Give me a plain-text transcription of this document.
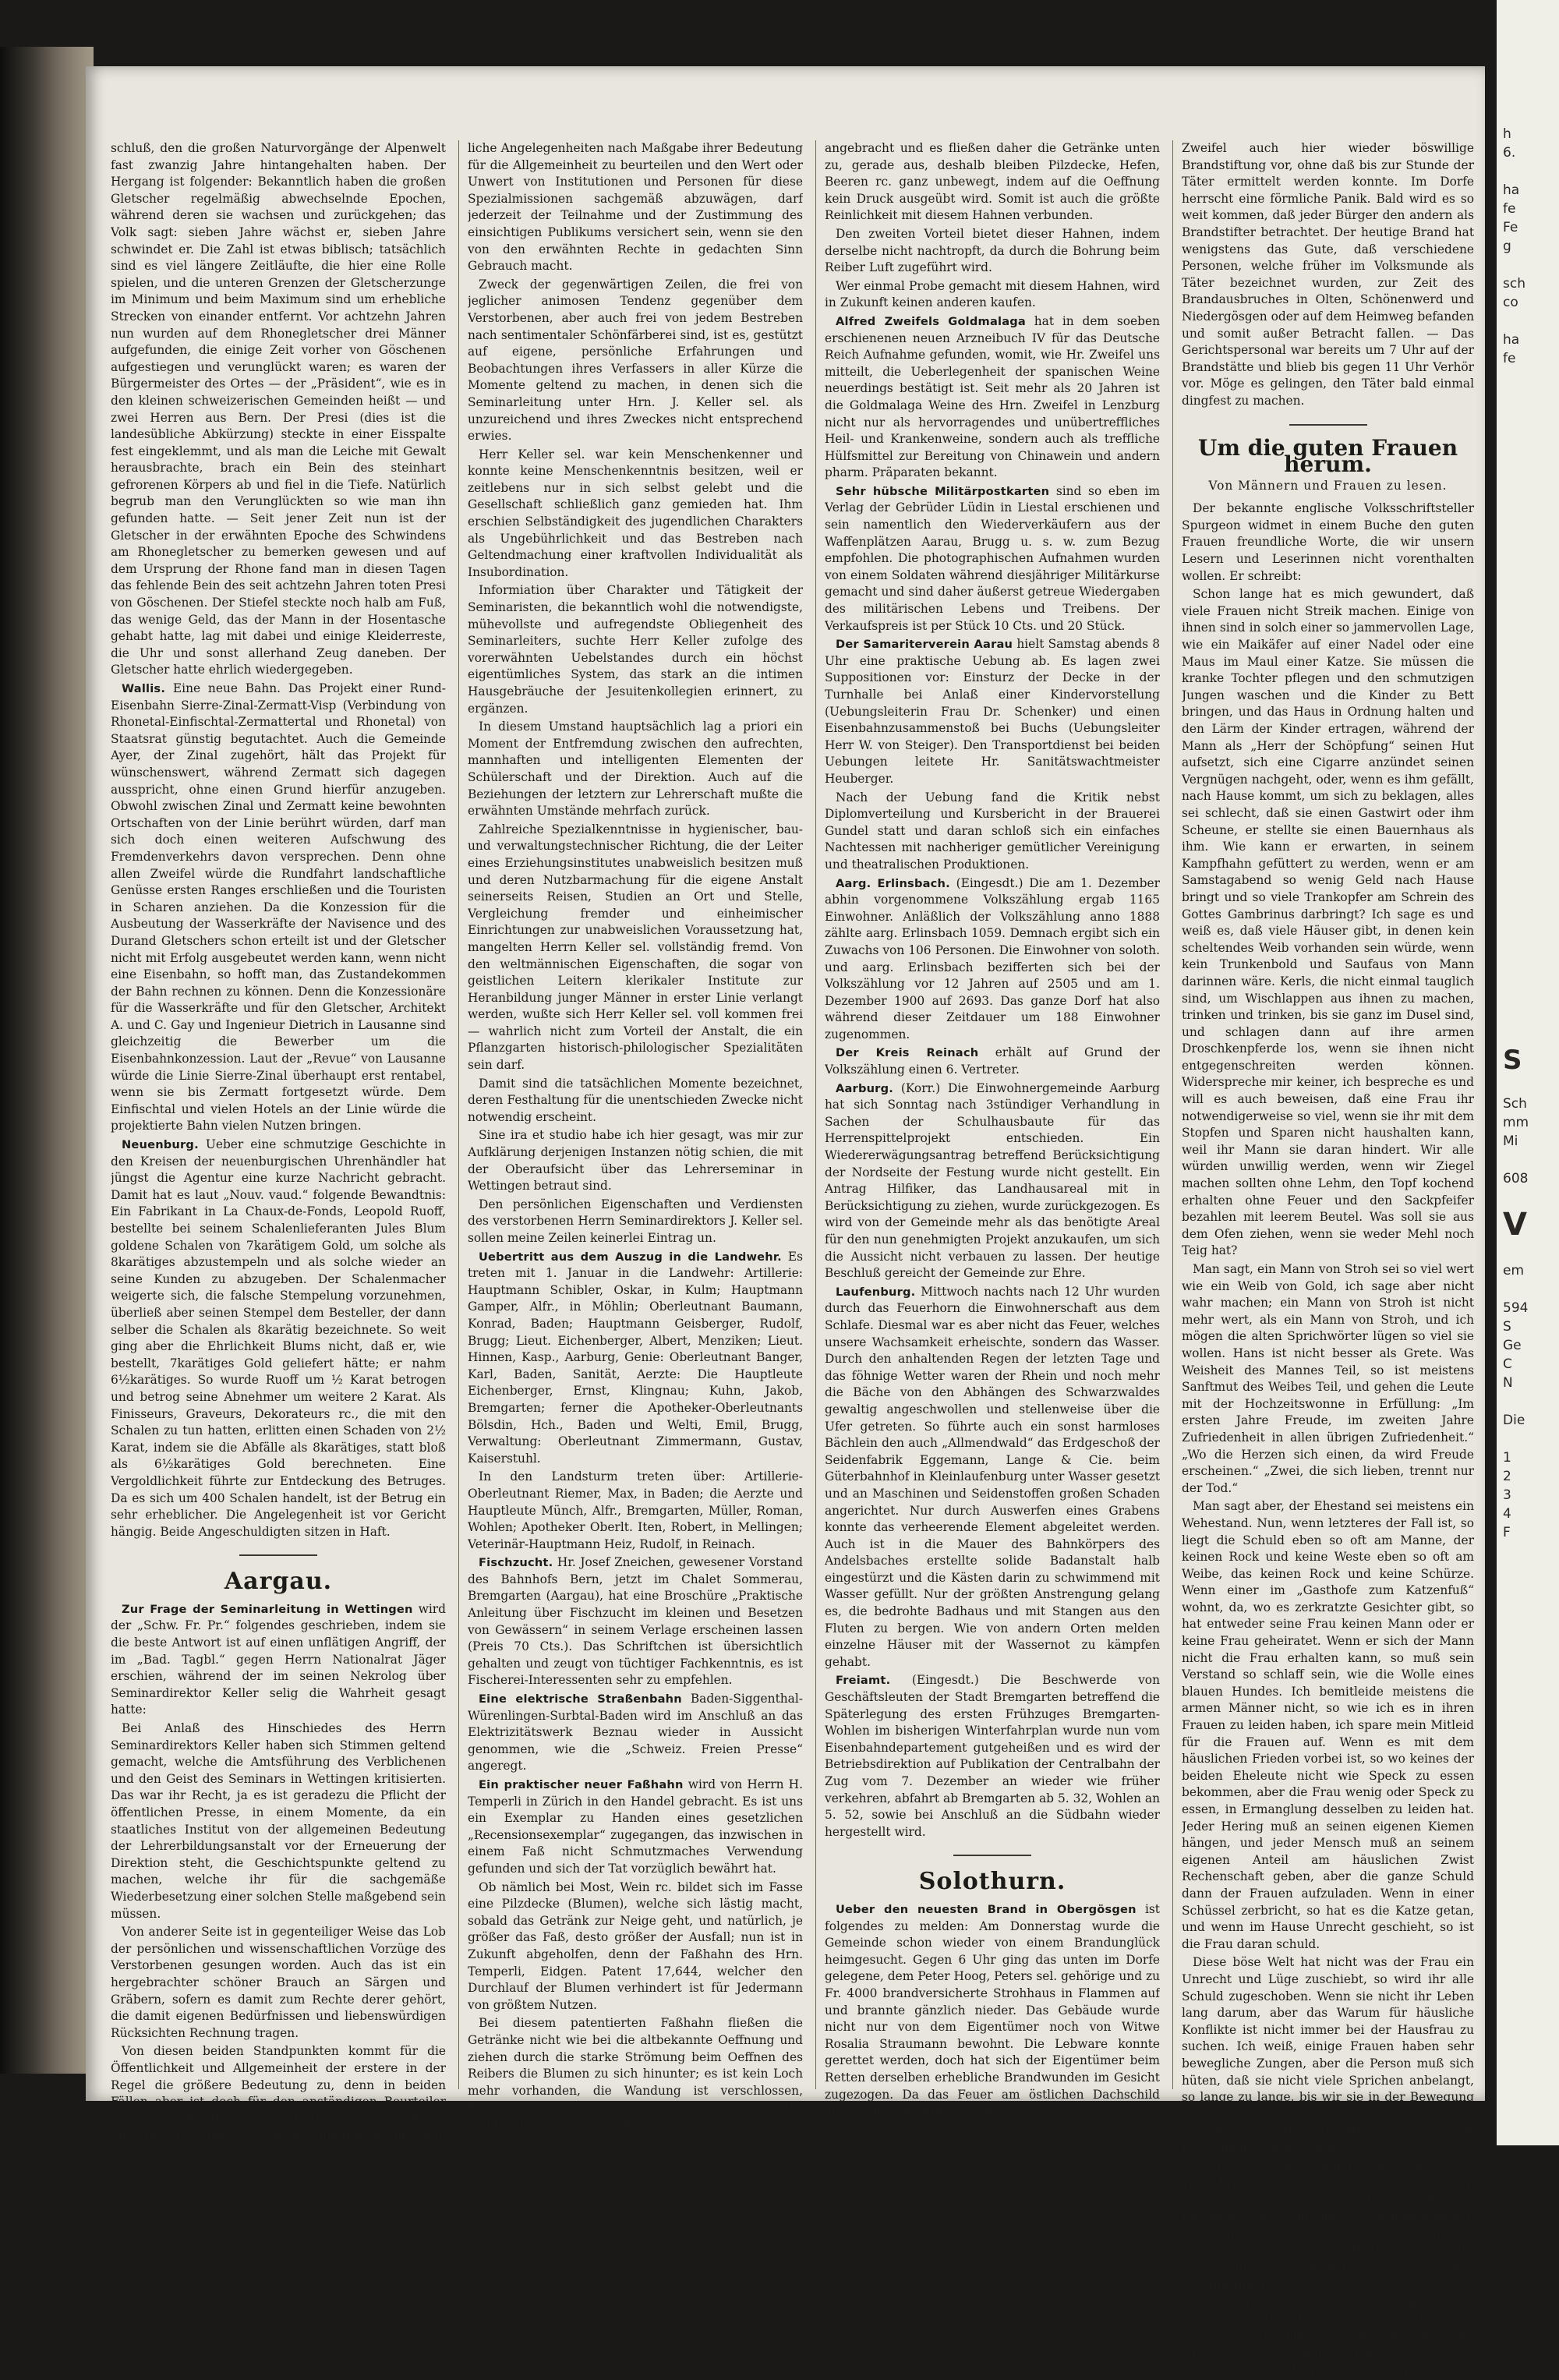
schluß, den die großen Naturvorgänge der Alpenwelt fast zwanzig Jahre hintangehalten haben. Der Hergang ist folgender: Bekanntlich haben die großen Gletscher regelmäßig abwechselnde Epochen, während deren sie wachsen und zurückgehen; das Volk sagt: sieben Jahre wächst er, sieben Jahre schwindet er. Die Zahl ist etwas biblisch; tatsächlich sind es viel längere Zeitläufte, die hier eine Rolle spielen, und die unteren Grenzen der Gletscherzunge im Minimum und beim Maximum sind um erhebliche Strecken von einander entfernt. Vor achtzehn Jahren nun wurden auf dem Rhonegletscher drei Männer aufgefunden, die einige Zeit vorher von Göschenen aufgestiegen und verunglückt waren; es waren der Bürgermeister des Ortes — der „Präsident“, wie es in den kleinen schweizerischen Gemeinden heißt — und zwei Herren aus Bern. Der Presi (dies ist die landesübliche Abkürzung) steckte in einer Eisspalte fest eingeklemmt, und als man die Leiche mit Gewalt herausbrachte, brach ein Bein des steinhart gefrorenen Körpers ab und fiel in die Tiefe. Natürlich begrub man den Verunglückten so wie man ihn gefunden hatte. — Seit jener Zeit nun ist der Gletscher in der erwähnten Epoche des Schwindens am Rhonegletscher zu bemerken gewesen und auf dem Ursprung der Rhone fand man in diesen Tagen das fehlende Bein des seit achtzehn Jahren toten Presi von Göschenen. Der Stiefel steckte noch halb am Fuß, das wenige Geld, das der Mann in der Hosentasche gehabt hatte, lag mit dabei und einige Kleiderreste, die Uhr und sonst allerhand Zeug daneben. Der Gletscher hatte ehrlich wiedergegeben.

Wallis. Eine neue Bahn. Das Projekt einer Rund-Eisenbahn Sierre-Zinal-Zermatt-Visp (Verbindung von Rhonetal-Einfischtal-Zermattertal und Rhonetal) von Staatsrat günstig begutachtet. Auch die Gemeinde Ayer, der Zinal zugehört, hält das Projekt für wünschenswert, während Zermatt sich dagegen ausspricht, ohne einen Grund hierfür anzugeben. Obwohl zwischen Zinal und Zermatt keine bewohnten Ortschaften von der Linie berührt würden, darf man sich doch einen weiteren Aufschwung des Fremdenverkehrs davon versprechen. Denn ohne allen Zweifel würde die Rundfahrt landschaftliche Genüsse ersten Ranges erschließen und die Touristen in Scharen anziehen. Da die Konzession für die Ausbeutung der Wasserkräfte der Navisence und des Durand Gletschers schon erteilt ist und der Gletscher nicht mit Erfolg ausgebeutet werden kann, wenn nicht eine Eisenbahn, so hofft man, das Zustandekommen der Bahn rechnen zu können. Denn die Konzessionäre für die Wasserkräfte und für den Gletscher, Architekt A. und C. Gay und Ingenieur Dietrich in Lausanne sind gleichzeitig die Bewerber um die Eisenbahnkonzession. Laut der „Revue“ von Lausanne würde die Linie Sierre-Zinal überhaupt erst rentabel, wenn sie bis Zermatt fortgesetzt würde. Dem Einfischtal und vielen Hotels an der Linie würde die projektierte Bahn vielen Nutzen bringen.

Neuenburg. Ueber eine schmutzige Geschichte in den Kreisen der neuenburgischen Uhrenhändler hat jüngst die Agentur eine kurze Nachricht gebracht. Damit hat es laut „Nouv. vaud.“ folgende Bewandtnis: Ein Fabrikant in La Chaux-de-Fonds, Leopold Ruoff, bestellte bei seinem Schalenlieferanten Jules Blum goldene Schalen von 7karätigem Gold, um solche als 8karätiges abzustempeln und als solche wieder an seine Kunden zu abzugeben. Der Schalenmacher weigerte sich, die falsche Stempelung vorzunehmen, überließ aber seinen Stempel dem Besteller, der dann selber die Schalen als 8karätig bezeichnete. So weit ging aber die Ehrlichkeit Blums nicht, daß er, wie bestellt, 7karätiges Gold geliefert hätte; er nahm 6½karätiges. So wurde Ruoff um ½ Karat betrogen und betrog seine Abnehmer um weitere 2 Karat. Als Finisseurs, Graveurs, Dekorateurs rc., die mit den Schalen zu tun hatten, erlitten einen Schaden von 2½ Karat, indem sie die Abfälle als 8karätiges, statt bloß als 6½karätiges Gold berechneten. Eine Vergoldlichkeit führte zur Entdeckung des Betruges. Da es sich um 400 Schalen handelt, ist der Betrug ein sehr erheblicher. Die Angelegenheit ist vor Gericht hängig. Beide Angeschuldigten sitzen in Haft.

Aargau.

Zur Frage der Seminarleitung in Wettingen wird der „Schw. Fr. Pr.“ folgendes geschrieben, indem sie die beste Antwort ist auf einen unflätigen Angriff, der im „Bad. Tagbl.“ gegen Herrn Nationalrat Jäger erschien, während der im seinen Nekrolog über Seminardirektor Keller selig die Wahrheit gesagt hatte:

Bei Anlaß des Hinschiedes des Herrn Seminardirektors Keller haben sich Stimmen geltend gemacht, welche die Amtsführung des Verblichenen und den Geist des Seminars in Wettingen kritisierten. Das war ihr Recht, ja es ist geradezu die Pflicht der öffentlichen Presse, in einem Momente, da ein staatliches Institut von der allgemeinen Bedeutung der Lehrerbildungsanstalt vor der Erneuerung der Direktion steht, die Geschichtspunkte geltend zu machen, welche ihr für die sachgemäße Wiederbesetzung einer solchen Stelle maßgebend sein müssen.

Von anderer Seite ist in gegenteiliger Weise das Lob der persönlichen und wissenschaftlichen Vorzüge des Verstorbenen gesungen worden. Auch das ist ein hergebrachter schöner Brauch an Särgen und Gräbern, sofern es damit zum Rechte derer gehört, die damit eigenen Bedürfnissen und liebenswürdigen Rücksichten Rechnung tragen.

Von diesen beiden Standpunkten kommt für die Öffentlichkeit und Allgemeinheit der erstere in der Regel die größere Bedeutung zu, denn in beiden Fällen aber ist doch für den anständigen Beurteiler vor allem die Wahrheit und die Gerechtigkeit als Maßstab. Diejenige Presse, die überhaupt imstande ist, öffent-

liche Angelegenheiten nach Maßgabe ihrer Bedeutung für die Allgemeinheit zu beurteilen und den Wert oder Unwert von Institutionen und Personen für diese Spezialmissionen sachgemäß abzuwägen, darf jederzeit der Teilnahme und der Zustimmung des einsichtigen Publikums versichert sein, wenn sie den von den erwähnten Rechte in gedachten Sinn Gebrauch macht.

Zweck der gegenwärtigen Zeilen, die frei von jeglicher animosen Tendenz gegenüber dem Verstorbenen, aber auch frei von jedem Bestreben nach sentimentaler Schönfärberei sind, ist es, gestützt auf eigene, persönliche Erfahrungen und Beobachtungen ihres Verfassers in aller Kürze die Momente geltend zu machen, in denen sich die Seminarleitung unter Hrn. J. Keller sel. als unzureichend und ihres Zweckes nicht entsprechend erwies.

Herr Keller sel. war kein Menschenkenner und konnte keine Menschenkenntnis besitzen, weil er zeitlebens nur in sich selbst gelebt und die Gesellschaft schließlich ganz gemieden hat. Ihm erschien Selbständigkeit des jugendlichen Charakters als Ungebührlichkeit und das Bestreben nach Geltendmachung einer kraftvollen Individualität als Insubordination.

Informiation über Charakter und Tätigkeit der Seminaristen, die bekanntlich wohl die notwendigste, mühevollste und aufregendste Obliegenheit des Seminarleiters, suchte Herr Keller zufolge des vorerwähnten Uebelstandes durch ein höchst eigentümliches System, das stark an die intimen Hausgebräuche der Jesuitenkollegien erinnert, zu ergänzen.

In diesem Umstand hauptsächlich lag a priori ein Moment der Entfremdung zwischen den aufrechten, mannhaften und intelligenten Elementen der Schülerschaft und der Direktion. Auch auf die Beziehungen der letztern zur Lehrerschaft mußte die erwähnten Umstände mehrfach zurück.

Zahlreiche Spezialkenntnisse in hygienischer, bau- und verwaltungstechnischer Richtung, die der Leiter eines Erziehungsinstitutes unabweislich besitzen muß und deren Nutzbarmachung für die eigene Anstalt seinerseits Reisen, Studien an Ort und Stelle, Vergleichung fremder und einheimischer Einrichtungen zur unabweislichen Voraussetzung hat, mangelten Herrn Keller sel. vollständig fremd. Von den weltmännischen Eigenschaften, die sogar von geistlichen Leitern klerikaler Institute zur Heranbildung junger Männer in erster Linie verlangt werden, wußte sich Herr Keller sel. voll kommen frei — wahrlich nicht zum Vorteil der Anstalt, die ein Pflanzgarten historisch-philologischer Spezialitäten sein darf.

Damit sind die tatsächlichen Momente bezeichnet, deren Festhaltung für die unentschieden Zwecke nicht notwendig erscheint.

Sine ira et studio habe ich hier gesagt, was mir zur Aufklärung derjenigen Instanzen nötig schien, die mit der Oberaufsicht über das Lehrerseminar in Wettingen betraut sind.

Den persönlichen Eigenschaften und Verdiensten des verstorbenen Herrn Seminardirektors J. Keller sel. sollen meine Zeilen keinerlei Eintrag un.

Uebertritt aus dem Auszug in die Landwehr. Es treten mit 1. Januar in die Landwehr: Artillerie: Hauptmann Schibler, Oskar, in Kulm; Hauptmann Gamper, Alfr., in Möhlin; Oberleutnant Baumann, Konrad, Baden; Hauptmann Geisberger, Rudolf, Brugg; Lieut. Eichenberger, Albert, Menziken; Lieut. Hinnen, Kasp., Aarburg, Genie: Oberleutnant Banger, Karl, Baden, Sanität, Aerzte: Die Hauptleute Eichenberger, Ernst, Klingnau; Kuhn, Jakob, Bremgarten; ferner die Apotheker-Oberleutnants Bölsdin, Hch., Baden und Welti, Emil, Brugg, Verwaltung: Oberleutnant Zimmermann, Gustav, Kaiserstuhl.

In den Landsturm treten über: Artillerie-Oberleutnant Riemer, Max, in Baden; die Aerzte und Hauptleute Münch, Alfr., Bremgarten, Müller, Roman, Wohlen; Apotheker Oberlt. Iten, Robert, in Mellingen; Veterinär-Hauptmann Heiz, Rudolf, in Reinach.

Fischzucht. Hr. Josef Zneichen, gewesener Vorstand des Bahnhofs Bern, jetzt im Chalet Sommerau, Bremgarten (Aargau), hat eine Broschüre „Praktische Anleitung über Fischzucht im kleinen und Besetzen von Gewässern“ in seinem Verlage erscheinen lassen (Preis 70 Cts.). Das Schriftchen ist übersichtlich gehalten und zeugt von tüchtiger Fachkenntnis, es ist Fischerei-Interessenten sehr zu empfehlen.

Eine elektrische Straßenbahn Baden-Siggenthal-Würenlingen-Surbtal-Baden wird im Anschluß an das Elektrizitätswerk Beznau wieder in Aussicht genommen, wie die „Schweiz. Freien Presse“ angeregt.

Ein praktischer neuer Faßhahn wird von Herrn H. Temperli in Zürich in den Handel gebracht. Es ist uns ein Exemplar zu Handen eines gesetzlichen „Recensionsexemplar“ zugegangen, das inzwischen in einem Faß nicht Schmutzmaches Verwendung gefunden und sich der Tat vorzüglich bewährt hat.

Ob nämlich bei Most, Wein rc. bildet sich im Fasse eine Pilzdecke (Blumen), welche sich lästig macht, sobald das Getränk zur Neige geht, und natürlich, je größer das Faß, desto größer der Ausfall; nun ist in Zukunft abgeholfen, denn der Faßhahn des Hrn. Temperli, Eidgen. Patent 17,644, welcher den Durchlauf der Blumen verhindert ist für Jedermann von größtem Nutzen.

Bei diesem patentierten Faßhahn fließen die Getränke nicht wie bei die altbekannte Oeffnung und ziehen durch die starke Strömung beim Oeffnen des Reibers die Blumen zu sich hinunter; es ist kein Loch mehr vorhanden, die Wandung ist verschlossen, dagegen ein 18 mm langes und 5 mm breites Schlitzchen ist in der Wölbung

angebracht und es fließen daher die Getränke unten zu, gerade aus, deshalb bleiben Pilzdecke, Hefen, Beeren rc. ganz unbewegt, indem auf die Oeffnung kein Druck ausgeübt wird. Somit ist auch die größte Reinlichkeit mit diesem Hahnen verbunden.

Den zweiten Vorteil bietet dieser Hahnen, indem derselbe nicht nachtropft, da durch die Bohrung beim Reiber Luft zugeführt wird.

Wer einmal Probe gemacht mit diesem Hahnen, wird in Zukunft keinen anderen kaufen.

Alfred Zweifels Goldmalaga hat in dem soeben erschienenen neuen Arzneibuch IV für das Deutsche Reich Aufnahme gefunden, womit, wie Hr. Zweifel uns mitteilt, die Ueberlegenheit der spanischen Weine neuerdings bestätigt ist. Seit mehr als 20 Jahren ist die Goldmalaga Weine des Hrn. Zweifel in Lenzburg nicht nur als hervorragendes und unübertreffliches Heil- und Krankenweine, sondern auch als treffliche Hülfsmittel zur Bereitung von Chinawein und andern pharm. Präparaten bekannt.

Sehr hübsche Militärpostkarten sind so eben im Verlag der Gebrüder Lüdin in Liestal erschienen und sein namentlich den Wiederverkäufern aus der Waffenplätzen Aarau, Brugg u. s. w. zum Bezug empfohlen. Die photographischen Aufnahmen wurden von einem Soldaten während diesjähriger Militärkurse gemacht und sind daher äußerst getreue Wiedergaben des militärischen Lebens und Treibens. Der Verkaufspreis ist per Stück 10 Cts. und 20 Stück.

Der Samariterverein Aarau hielt Samstag abends 8 Uhr eine praktische Uebung ab. Es lagen zwei Suppositionen vor: Einsturz der Decke in der Turnhalle bei Anlaß einer Kindervorstellung (Uebungsleiterin Frau Dr. Schenker) und einen Eisenbahnzusammenstoß bei Buchs (Uebungsleiter Herr W. von Steiger). Den Transportdienst bei beiden Uebungen leitete Hr. Sanitätswachtmeister Heuberger.

Nach der Uebung fand die Kritik nebst Diplomverteilung und Kursbericht in der Brauerei Gundel statt und daran schloß sich ein einfaches Nachtessen mit nachheriger gemütlicher Vereinigung und theatralischen Produktionen.

Aarg. Erlinsbach. (Eingesdt.) Die am 1. Dezember abhin vorgenommene Volkszählung ergab 1165 Einwohner. Anläßlich der Volkszählung anno 1888 zählte aarg. Erlinsbach 1059. Demnach ergibt sich ein Zuwachs von 106 Personen. Die Einwohner von soloth. und aarg. Erlinsbach bezifferten sich bei der Volkszählung vor 12 Jahren auf 2505 und am 1. Dezember 1900 auf 2693. Das ganze Dorf hat also während dieser Zeitdauer um 188 Einwohner zugenommen.

Der Kreis Reinach erhält auf Grund der Volkszählung einen 6. Vertreter.

Aarburg. (Korr.) Die Einwohnergemeinde Aarburg hat sich Sonntag nach 3stündiger Verhandlung in Sachen der Schulhausbaute für das Herrenspittelprojekt entschieden. Ein Wiedererwägungsantrag betreffend Berücksichtigung der Nordseite der Festung wurde nicht gestellt. Ein Antrag Hilfiker, das Landhausareal mit in Berücksichtigung zu ziehen, wurde zurückgezogen. Es wird von der Gemeinde mehr als das benötigte Areal für den nun genehmigten Projekt anzukaufen, um sich die Aussicht nicht verbauen zu lassen. Der heutige Beschluß gereicht der Gemeinde zur Ehre.

Laufenburg. Mittwoch nachts nach 12 Uhr wurden durch das Feuerhorn die Einwohnerschaft aus dem Schlafe. Diesmal war es aber nicht das Feuer, welches unsere Wachsamkeit erheischte, sondern das Wasser. Durch den anhaltenden Regen der letzten Tage und das föhnige Wetter waren der Rhein und noch mehr die Bäche von den Abhängen des Schwarzwaldes gewaltig angeschwollen und stellenweise über die Ufer getreten. So führte auch ein sonst harmloses Bächlein den auch „Allmendwald“ das Erdgeschoß der Seidenfabrik Eggemann, Lange & Cie. beim Güterbahnhof in Kleinlaufenburg unter Wasser gesetzt und an Maschinen und Seidenstoffen großen Schaden angerichtet. Nur durch Auswerfen eines Grabens konnte das verheerende Element abgeleitet werden. Auch ist in die Mauer des Bahnkörpers des Andelsbaches erstellte solide Badanstalt halb eingestürzt und die Kästen darin zu schwimmend mit Wasser gefüllt. Nur der größten Anstrengung gelang es, die bedrohte Badhaus und mit Stangen aus den Fluten zu bergen. Wie von andern Orten melden einzelne Häuser mit der Wassernot zu kämpfen gehabt.

Freiamt. (Eingesdt.) Die Beschwerde von Geschäftsleuten der Stadt Bremgarten betreffend die Späterlegung des ersten Frühzuges Bremgarten-Wohlen im bisherigen Winterfahrplan wurde nun vom Eisenbahndepartement gutgeheißen und es wird der Betriebsdirektion auf Publikation der Centralbahn der Zug vom 7. Dezember an wieder wie früher verkehren, abfahrt ab Bremgarten ab 5. 32, Wohlen an 5. 52, sowie bei Anschluß an die Südbahn wieder hergestellt wird.

Solothurn.

Ueber den neuesten Brand in Obergösgen ist folgendes zu melden: Am Donnerstag wurde die Gemeinde schon wieder von einem Brandunglück heimgesucht. Gegen 6 Uhr ging das unten im Dorfe gelegene, dem Peter Hoog, Peters sel. gehörige und zu Fr. 4000 brandversicherte Strohhaus in Flammen auf und brannte gänzlich nieder. Das Gebäude wurde nicht nur von dem Eigentümer noch von Witwe Rosalia Straumann bewohnt. Die Lebware konnte gerettet werden, doch hat sich der Eigentümer beim Retten derselben erhebliche Brandwunden im Gesicht zugezogen. Da das Feuer am östlichen Dachschild ausbrach, liegt außer allem

Zweifel auch hier wieder böswillige Brandstiftung vor, ohne daß bis zur Stunde der Täter ermittelt werden konnte. Im Dorfe herrscht eine förmliche Panik. Bald wird es so weit kommen, daß jeder Bürger den andern als Brandstifter betrachtet. Der heutige Brand hat wenigstens das Gute, daß verschiedene Personen, welche früher im Volksmunde als Täter bezeichnet wurden, zur Zeit des Brandausbruches in Olten, Schönenwerd und Niedergösgen oder auf dem Heimweg befanden und somit außer Betracht fallen. — Das Gerichtspersonal war bereits um 7 Uhr auf der Brandstätte und blieb bis gegen 11 Uhr Verhör vor. Möge es gelingen, den Täter bald einmal dingfest zu machen.

Um die guten Frauen herum.
Von Männern und Frauen zu lesen.

Der bekannte englische Volksschriftsteller Spurgeon widmet in einem Buche den guten Frauen freundliche Worte, die wir unsern Lesern und Leserinnen nicht vorenthalten wollen. Er schreibt:

Schon lange hat es mich gewundert, daß viele Frauen nicht Streik machen. Einige von ihnen sind in solch einer so jammervollen Lage, wie ein Maikäfer auf einer Nadel oder eine Maus im Maul einer Katze. Sie müssen die kranke Tochter pflegen und den schmutzigen Jungen waschen und die Kinder zu Bett bringen, und das Haus in Ordnung halten und den Lärm der Kinder ertragen, während der Mann als „Herr der Schöpfung“ seinen Hut aufsetzt, sich eine Cigarre anzündet seinen Vergnügen nachgeht, oder, wenn es ihm gefällt, nach Hause kommt, um sich zu beklagen, alles sei schlecht, daß sie einen Gastwirt oder ihm Scheune, er stellte sie einen Bauernhaus als ihm. Wie kann er erwarten, in seinem Kampfhahn gefüttert zu werden, wenn er am Samstagabend so wenig Geld nach Hause bringt und so viele Trankopfer am Schrein des Gottes Gambrinus darbringt? Ich sage es und weiß es, daß viele Häuser gibt, in denen kein scheltendes Weib vorhanden sein würde, wenn kein Trunkenbold und Saufaus von Mann darinnen wäre. Kerls, die nicht einmal tauglich sind, um Wischlappen aus ihnen zu machen, trinken und trinken, bis sie ganz im Dusel sind, und schlagen dann auf ihre armen Droschkenpferde los, wenn sie ihnen nicht entgegenschreiten werden können. Widerspreche mir keiner, ich bespreche es und will es auch beweisen, daß eine Frau ihr notwendigerweise so viel, wenn sie ihr mit dem Stopfen und Sparen nicht haushalten kann, weil ihr Mann sie daran hindert. Wir alle würden unwillig werden, wenn wir Ziegel machen sollten ohne Lehm, den Topf kochend erhalten ohne Feuer und den Sackpfeifer bezahlen mit leerem Beutel. Was soll sie aus dem Ofen ziehen, wenn sie weder Mehl noch Teig hat?

Man sagt, ein Mann von Stroh sei so viel wert wie ein Weib von Gold, ich sage aber nicht wahr machen; ein Mann von Stroh ist nicht mehr wert, als ein Mann von Stroh, und ich mögen die alten Sprichwörter lügen so viel sie wollen. Hans ist nicht besser als Grete. Was Weisheit des Mannes Teil, so ist meistens Sanftmut des Weibes Teil, und gehen die Leute mit der Hochzeitswonne in Erfüllung: „Im ersten Jahre Freude, im zweiten Jahre Zufriedenheit in allen übrigen Zufriedenheit.“ „Wo die Herzen sich einen, da wird Freude erscheinen.“ „Zwei, die sich lieben, trennt nur der Tod.“

Man sagt aber, der Ehestand sei meistens ein Wehestand. Nun, wenn letzteres der Fall ist, so liegt die Schuld eben so oft am Manne, der keinen Rock und keine Weste eben so oft am Weibe, das keinen Rock und keine Schürze. Wenn einer im „Gasthofe zum Katzenfuß“ wohnt, da, wo es zerkratzte Gesichter gibt, so hat entweder seine Frau keinen Mann oder er keine Frau geheiratet. Wenn er sich der Mann nicht die Frau erhalten kann, so muß sein Verstand so schlaff sein, wie die Wolle eines blauen Hundes. Ich bemitleide meistens die armen Männer nicht, so wie ich es in ihren Frauen zu leiden haben, ich spare mein Mitleid für die Frauen auf. Wenn es mit dem häuslichen Frieden vorbei ist, so wo keines der beiden Eheleute nicht wie Speck zu essen bekommen, aber die Frau wenig oder Speck zu essen, in Ermanglung desselben zu leiden hat. Jeder Hering muß an seinen eigenen Kiemen hängen, und jeder Mensch muß an seinem eigenen Anteil am häuslichen Zwist Rechenschaft geben, aber die ganze Schuld dann der Frauen aufzuladen. Wenn in einer Schüssel zerbricht, so hat es die Katze getan, und wenn im Hause Unrecht geschieht, so ist die Frau daran schuld.

Diese böse Welt hat nicht was der Frau ein Unrecht und Lüge zuschiebt, so wird ihr alle Schuld zugeschoben. Wenn sie nicht ihr Leben lang darum, aber das Warum für häusliche Konflikte ist nicht immer bei der Hausfrau zu suchen. Ich weiß, einige Frauen haben sehr bewegliche Zungen, aber die Person muß sich hüten, daß sie nicht viele Sprichen anbelangt, so lange zu lange, bis wir sie in der Bewegung setzen, wenn der Mann in eine Schenke kommt, so muß die Unterkiefer der Männer gut mit Schnaps eingeölt sein.

Ich bedauere aber, sagen zu müssen, daß es viele Frauen gibt, denen es für viele haben wollen, unter den arbeitenden Klassen Ehemänner, die kein anderes Vermögen haben, als die Arbeit und kein anderes Familienwappen, als ihr Werkzeug, beraubt sich ihren Verdienst im Wirtshaus durchbringen.

Wasser trinken bringt einen Menschen weder Krankheit noch Schulden, noch macht es sein Weib zur Witwe und auch ich frage von kaum, das zu einer Schmerz habe. Ich glaube indessen, daß die Landleute besser mit

h
6.

ha
fe
Fe
g

sch
co

ha
fe
S

Sch
mm
Mi

608

V

em

594
S
Ge
C
N

Die

1
2
3
4
F
